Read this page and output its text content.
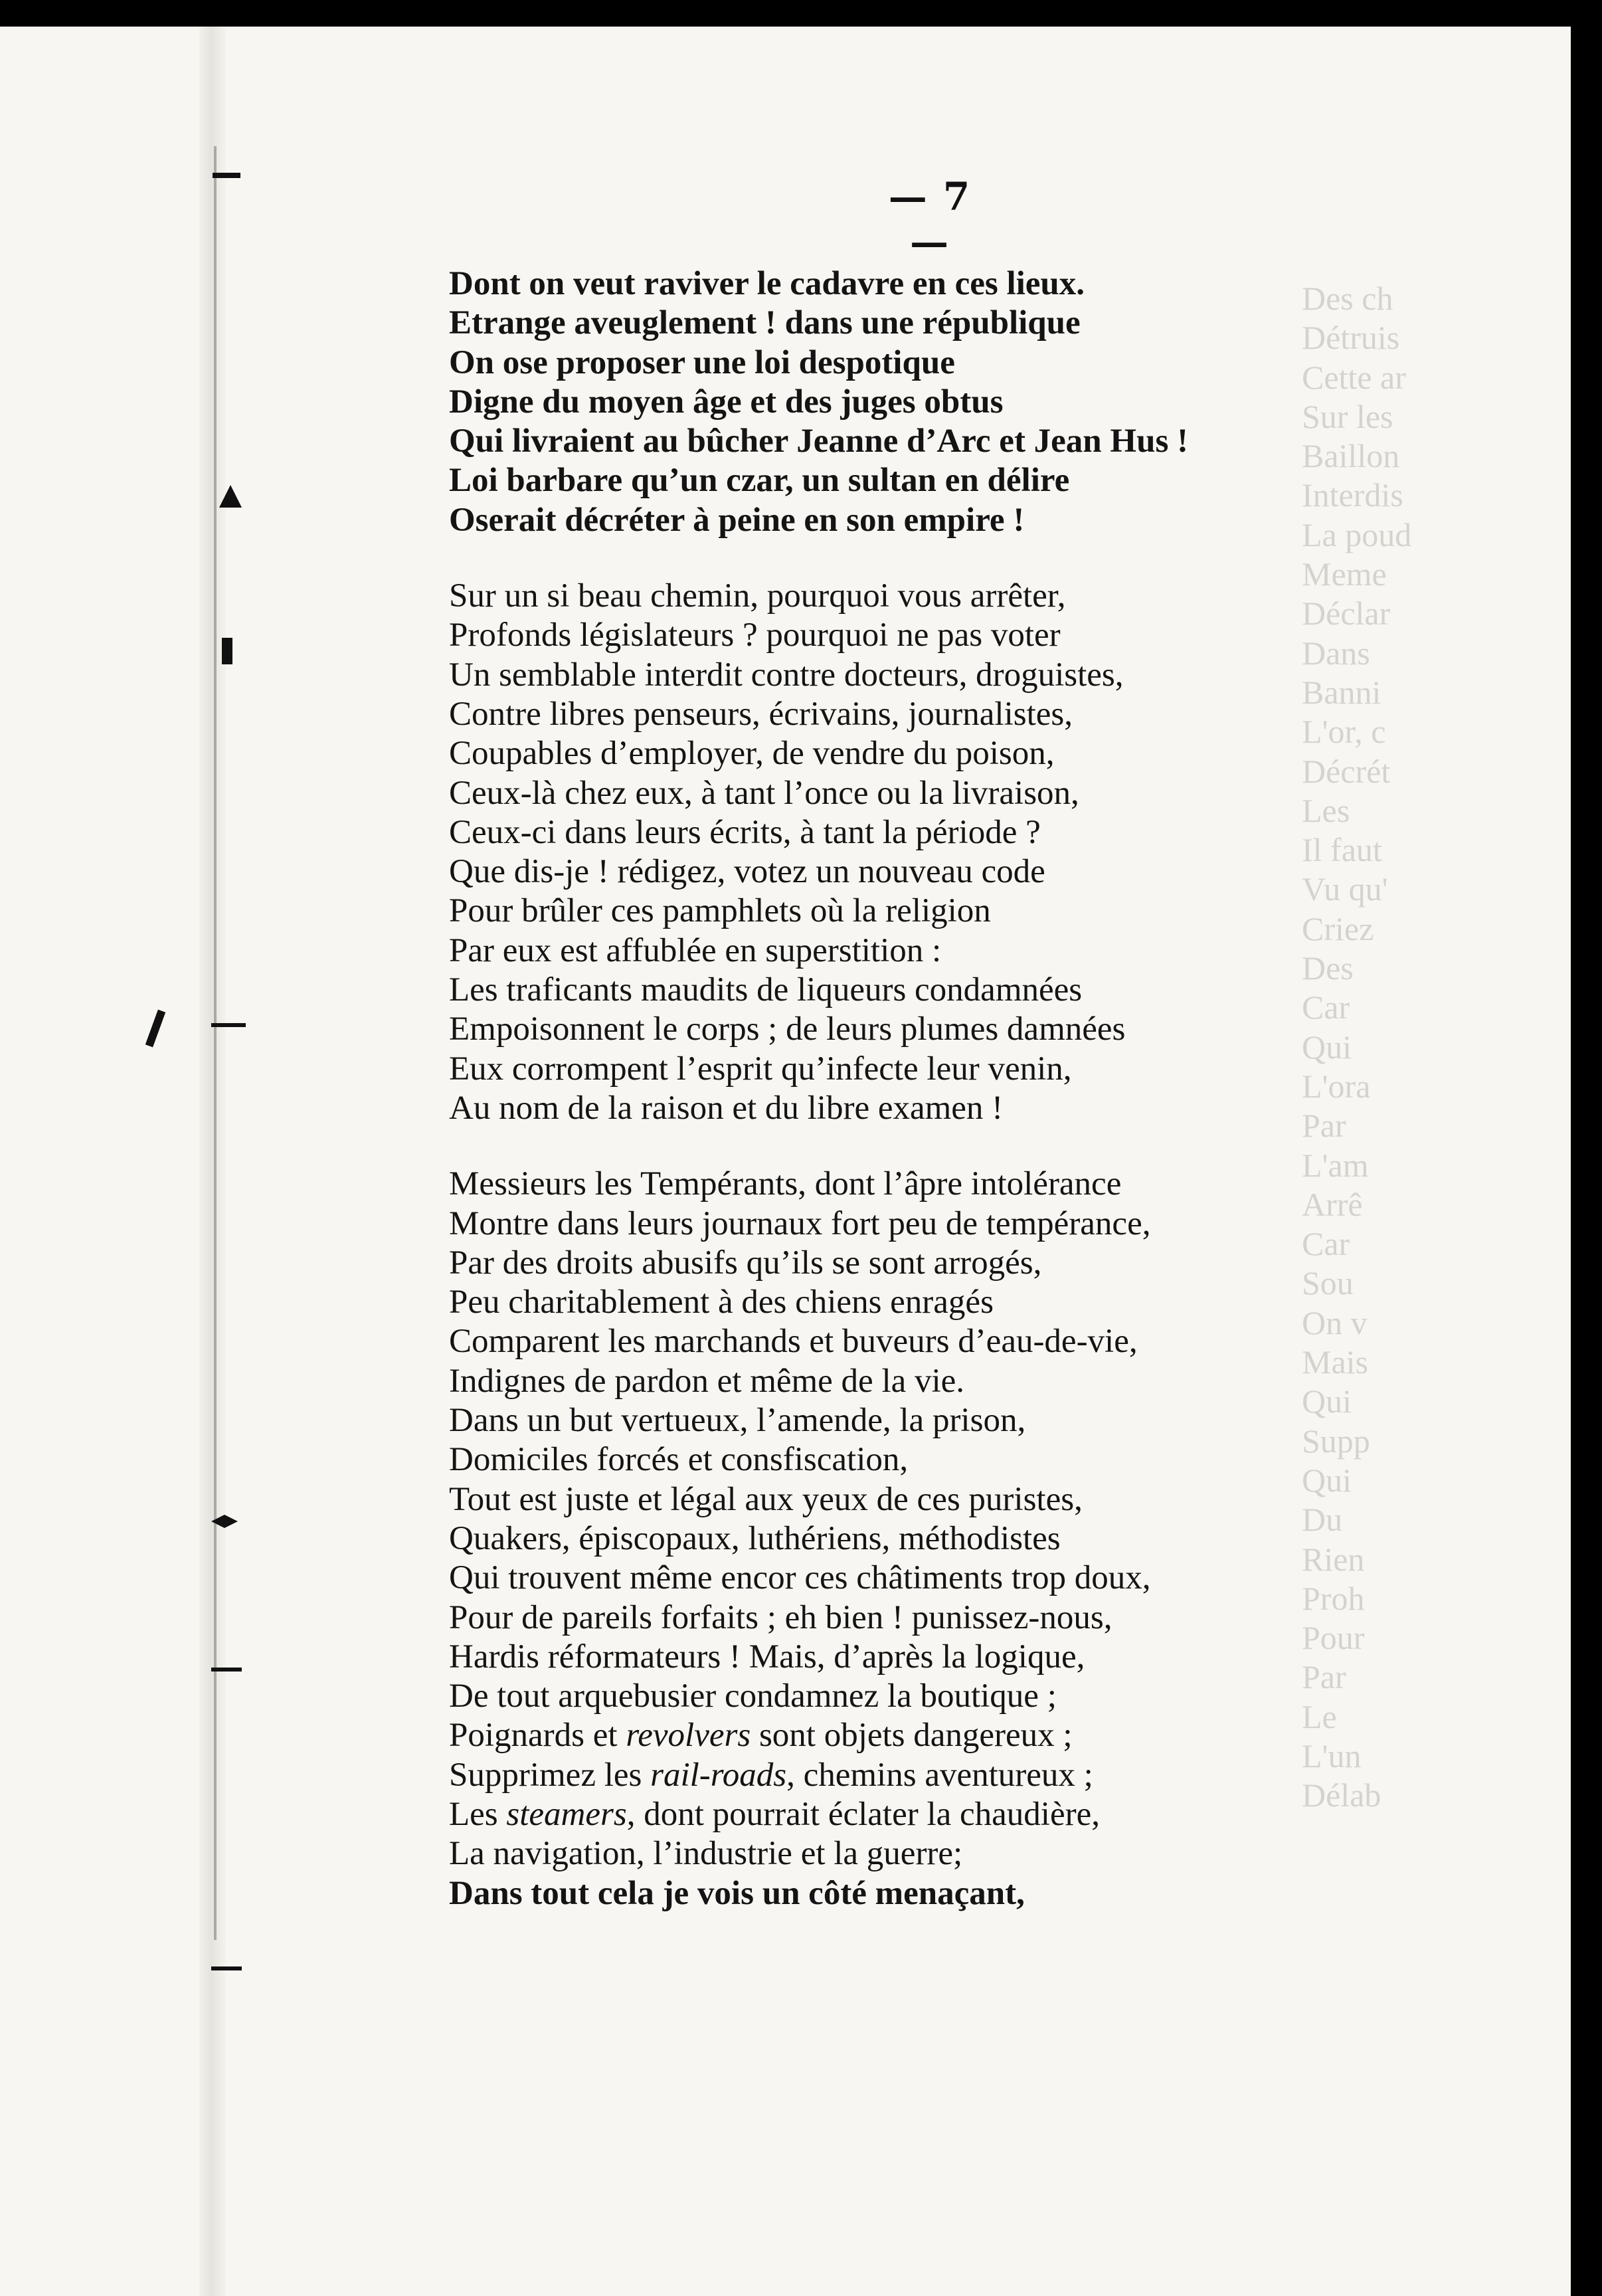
Des ch
Détruis
Cette ar
Sur les
Baillon
Interdis
La poud
Meme
Déclar
Dans
Banni
L'or, c
Décrét
Les
Il faut
Vu qu'
Criez
Des
Car
Qui
L'ora
Par
L'am
Arrê
Car
Sou
On v
Mais
Qui
Supp
Qui
Du
Rien
Proh
Pour
Par
Le
L'un
Délab
— 7 —
Dont on veut raviver le cadavre en ces lieux.
Etrange aveuglement ! dans une république
On ose proposer une loi despotique
Digne du moyen âge et des juges obtus
Qui livraient au bûcher Jeanne d’Arc et Jean Hus !
Loi barbare qu’un czar, un sultan en délire
Oserait décréter à peine en son empire !
Sur un si beau chemin, pourquoi vous arrêter,
Profonds législateurs ? pourquoi ne pas voter
Un semblable interdit contre docteurs, droguistes,
Contre libres penseurs, écrivains, journalistes,
Coupables d’employer, de vendre du poison,
Ceux-là chez eux, à tant l’once ou la livraison,
Ceux-ci dans leurs écrits, à tant la période ?
Que dis-je ! rédigez, votez un nouveau code
Pour brûler ces pamphlets où la religion
Par eux est affublée en superstition :
Les traficants maudits de liqueurs condamnées
Empoisonnent le corps ; de leurs plumes damnées
Eux corrompent l’esprit qu’infecte leur venin,
Au nom de la raison et du libre examen !
Messieurs les Tempérants, dont l’âpre intolérance
Montre dans leurs journaux fort peu de tempérance,
Par des droits abusifs qu’ils se sont arrogés,
Peu charitablement à des chiens enragés
Comparent les marchands et buveurs d’eau-de-vie,
Indignes de pardon et même de la vie.
Dans un but vertueux, l’amende, la prison,
Domiciles forcés et consfiscation,
Tout est juste et légal aux yeux de ces puristes,
Quakers, épiscopaux, luthériens, méthodistes
Qui trouvent même encor ces châtiments trop doux,
Pour de pareils forfaits ; eh bien ! punissez-nous,
Hardis réformateurs ! Mais, d’après la logique,
De tout arquebusier condamnez la boutique ;
Poignards et revolvers sont objets dangereux ;
Supprimez les rail-roads, chemins aventureux ;
Les steamers, dont pourrait éclater la chaudière,
La navigation, l’industrie et la guerre;
Dans tout cela je vois un côté menaçant,
